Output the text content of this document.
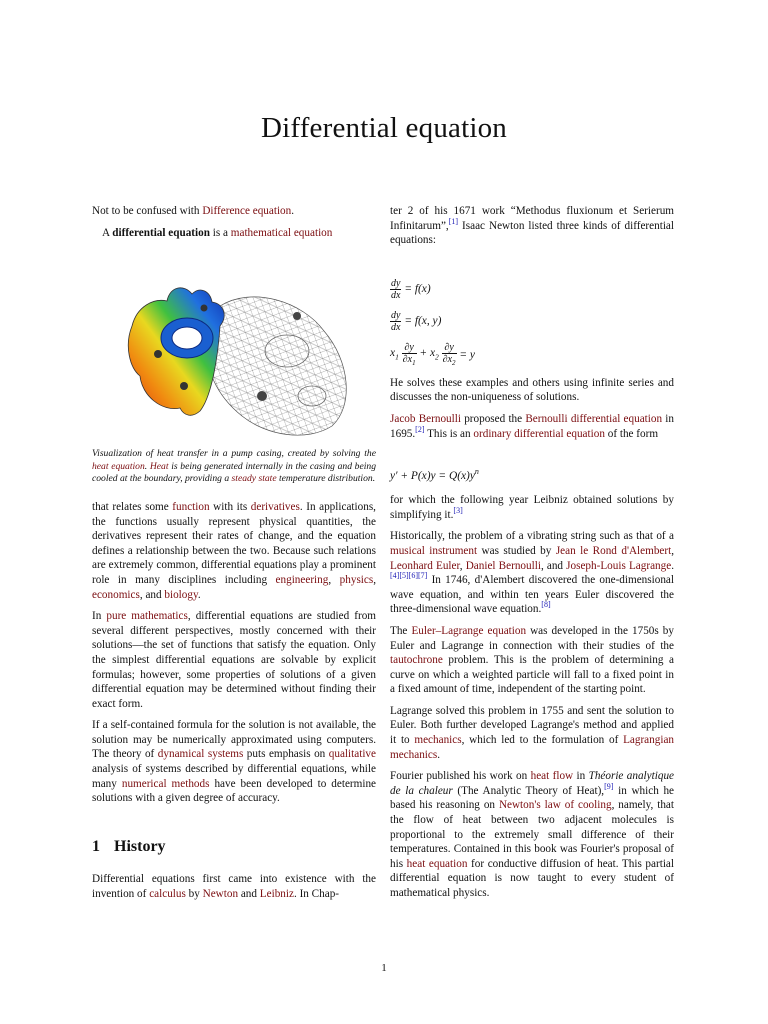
Differential equation

Not to be confused with Difference equation.

A differential equation is a mathematical equation

Visualization of heat transfer in a pump casing, created by solving the heat equation. Heat is being generated internally in the casing and being cooled at the boundary, providing a steady state temperature distribution.

that relates some function with its derivatives. In applications, the functions usually represent physical quantities, the derivatives represent their rates of change, and the equation defines a relationship between the two. Because such relations are extremely common, differential equations play a prominent role in many disciplines including engineering, physics, economics, and biology.

In pure mathematics, differential equations are studied from several different perspectives, mostly concerned with their solutions—the set of functions that satisfy the equation. Only the simplest differential equations are solvable by explicit formulas; however, some properties of solutions of a given differential equation may be determined without finding their exact form.

If a self-contained formula for the solution is not available, the solution may be numerically approximated using computers. The theory of dynamical systems puts emphasis on qualitative analysis of systems described by differential equations, while many numerical methods have been developed to determine solutions with a given degree of accuracy.

1 History

Differential equations first came into existence with the invention of calculus by Newton and Leibniz. In Chap-

ter 2 of his 1671 work “Methodus fluxionum et Serierum Infinitarum”,[1] Isaac Newton listed three kinds of differential equations:

$\frac{dy}{dx} = f(x)$
$\frac{dy}{dx} = f(x$, y)
$x_1 \frac{\partial y}{\partial x_1} + x_2 \frac{\partial y}{\partial x_2} = y$

He solves these examples and others using infinite series and discusses the non-uniqueness of solutions.

Jacob Bernoulli proposed the Bernoulli differential equation in 1695.[2] This is an ordinary differential equation of the form

$y' + P(x)y = Q(x)y^n$

for which the following year Leibniz obtained solutions by simplifying it.[3]

Historically, the problem of a vibrating string such as that of a musical instrument was studied by Jean le Rond d'Alembert, Leonhard Euler, Daniel Bernoulli, and Joseph-Louis Lagrange.[4][5][6][7] In 1746, d'Alembert discovered the one-dimensional wave equation, and within ten years Euler discovered the three-dimensional wave equation.[8]

The Euler–Lagrange equation was developed in the 1750s by Euler and Lagrange in connection with their studies of the tautochrone problem. This is the problem of determining a curve on which a weighted particle will fall to a fixed point in a fixed amount of time, independent of the starting point.

Lagrange solved this problem in 1755 and sent the solution to Euler. Both further developed Lagrange's method and applied it to mechanics, which led to the formulation of Lagrangian mechanics.

Fourier published his work on heat flow in Théorie analytique de la chaleur (The Analytic Theory of Heat),[9] in which he based his reasoning on Newton's law of cooling, namely, that the flow of heat between two adjacent molecules is proportional to the extremely small difference of their temperatures. Contained in this book was Fourier's proposal of his heat equation for conductive diffusion of heat. This partial differential equation is now taught to every student of mathematical physics.

1
